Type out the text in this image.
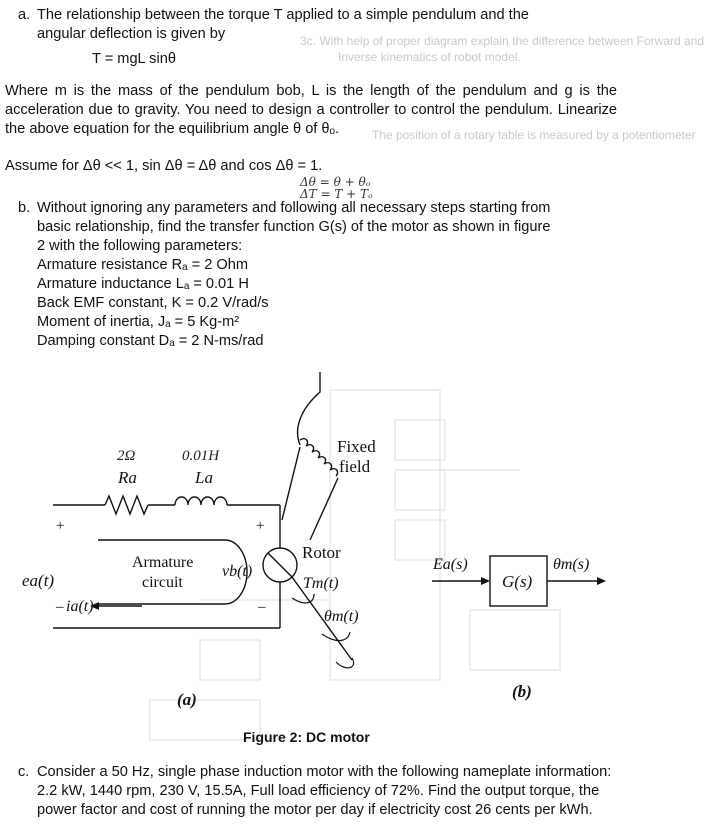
3c. With help of proper diagram explain the difference between Forward and
Inverse kinematics of robot model.
The position of a rotary table is measured by a potentiometer
a. The relationship between the torque T applied to a simple pendulum and the
angular deflection is given by
T = mgL sinθ
Where m is the mass of the pendulum bob, L is the length of the pendulum and g is the acceleration due to gravity. You need to design a controller to control the pendulum. Linearize the above equation for the equilibrium angle θ of θₒ.
Assume for Δθ << 1, sin Δθ = Δθ and cos Δθ = 1.
Δθ = θ + θₒ
ΔT = T + Tₒ
b. Without ignoring any parameters and following all necessary steps starting from
basic relationship, find the transfer function G(s) of the motor as shown in figure
2 with the following parameters:
Armature resistance Rₐ = 2 Ohm
Armature inductance Lₐ = 0.01 H
Back EMF constant, K = 0.2 V/rad/s
Moment of inertia, Jₐ = 5 Kg-m²
Damping constant Dₐ = 2 N-ms/rad
2Ω	0.01H
Ra	La
Fixed
field
+	+
ea(t)
Armature
circuit
vb(t)
Rotor
Tm(t)
– ia(t)	–
θm(t)
(a)
Ea(s)
G(s)
θm(s)
(b)
Figure 2: DC motor
c. Consider a 50 Hz, single phase induction motor with the following nameplate information: 2.2 kW, 1440 rpm, 230 V, 15.5A, Full load efficiency of 72%. Find the output torque, the power factor and cost of running the motor per day if electricity cost 26 cents per kWh.
